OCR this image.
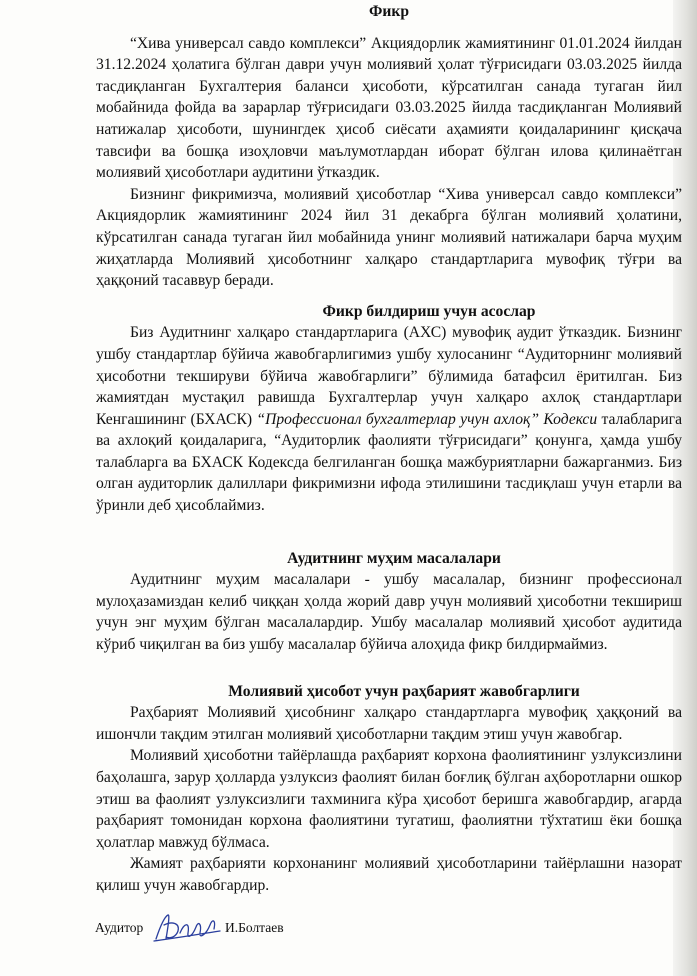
Фикр

“Хива универсал савдо комплекси” Акциядорлик жамиятининг 01.01.2024 йилдан 31.12.2024 ҳолатига бўлган даври учун молиявий ҳолат тўғрисидаги 03.03.2025 йилда тасдиқланган Бухгалтерия баланси ҳисоботи, кўрсатилган санада тугаган йил мобайнида фойда ва зарарлар тўғрисидаги 03.03.2025 йилда тасдиқланган Молиявий натижалар ҳисоботи, шунингдек ҳисоб сиёсати аҳамияти қоидаларининг қисқача тавсифи ва бошқа изоҳловчи маълумотлардан иборат бўлган илова қилинаётган молиявий ҳисоботлари аудитини ўтказдик.

Бизнинг фикримизча, молиявий ҳисоботлар “Хива универсал савдо комплекси” Акциядорлик жамиятининг 2024 йил 31 декабрга бўлган молиявий ҳолатини, кўрсатилган санада тугаган йил мобайнида унинг молиявий натижалари барча муҳим жиҳатларда Молиявий ҳисоботнинг халқаро стандартларига мувофиқ тўғри ва ҳаққоний тасаввур беради.

Фикр билдириш учун асослар

Биз Аудитнинг халқаро стандартларига (АХС) мувофиқ аудит ўтказдик. Бизнинг ушбу стандартлар бўйича жавобгарлигимиз ушбу хулосанинг “Аудиторнинг молиявий ҳисоботни текшируви бўйича жавобгарлиги” бўлимида батафсил ёритилган. Биз жамиятдан мустақил равишда Бухгалтерлар учун халқаро ахлоқ стандартлари Кенгашининг (БХАСК) “Профессионал бухгалтерлар учун ахлоқ” Кодекси талабларига ва ахлоқий қоидаларига, “Аудиторлик фаолияти тўғрисидаги” қонунга, ҳамда ушбу талабларга ва БХАСК Кодексда белгиланган бошқа мажбуриятларни бажарганмиз. Биз олган аудиторлик далиллари фикримизни ифода этилишини тасдиқлаш учун етарли ва ўринли деб ҳисоблаймиз.

Аудитнинг муҳим масалалари

Аудитнинг муҳим масалалари - ушбу масалалар, бизнинг профессионал мулоҳазамиздан келиб чиққан ҳолда жорий давр учун молиявий ҳисоботни текшириш учун энг муҳим бўлган масалалардир. Ушбу масалалар молиявий ҳисобот аудитида кўриб чиқилган ва биз ушбу масалалар бўйича алоҳида фикр билдирмаймиз.

Молиявий ҳисобот учун раҳбарият жавобгарлиги

Раҳбарият Молиявий ҳисобнинг халқаро стандартларга мувофиқ ҳаққоний ва ишончли тақдим этилган молиявий ҳисоботларни тақдим этиш учун жавобгар.

Молиявий ҳисоботни тайёрлашда раҳбарият корхона фаолиятининг узлуксизлини баҳолашга, зарур ҳолларда узлуксиз фаолият билан боғлиқ бўлган аҳборотларни ошкор этиш ва фаолият узлуксизлиги тахминига кўра ҳисобот беришга жавобгардир, агарда раҳбарият томонидан корхона фаолиятини тугатиш, фаолиятни тўхтатиш ёки бошқа ҳолатлар мавжуд бўлмаса.

Жамият раҳбарияти корхонанинг молиявий ҳисоботларини тайёрлашни назорат қилиш учун жавобгардир.

Аудитор	И.Болтаев
